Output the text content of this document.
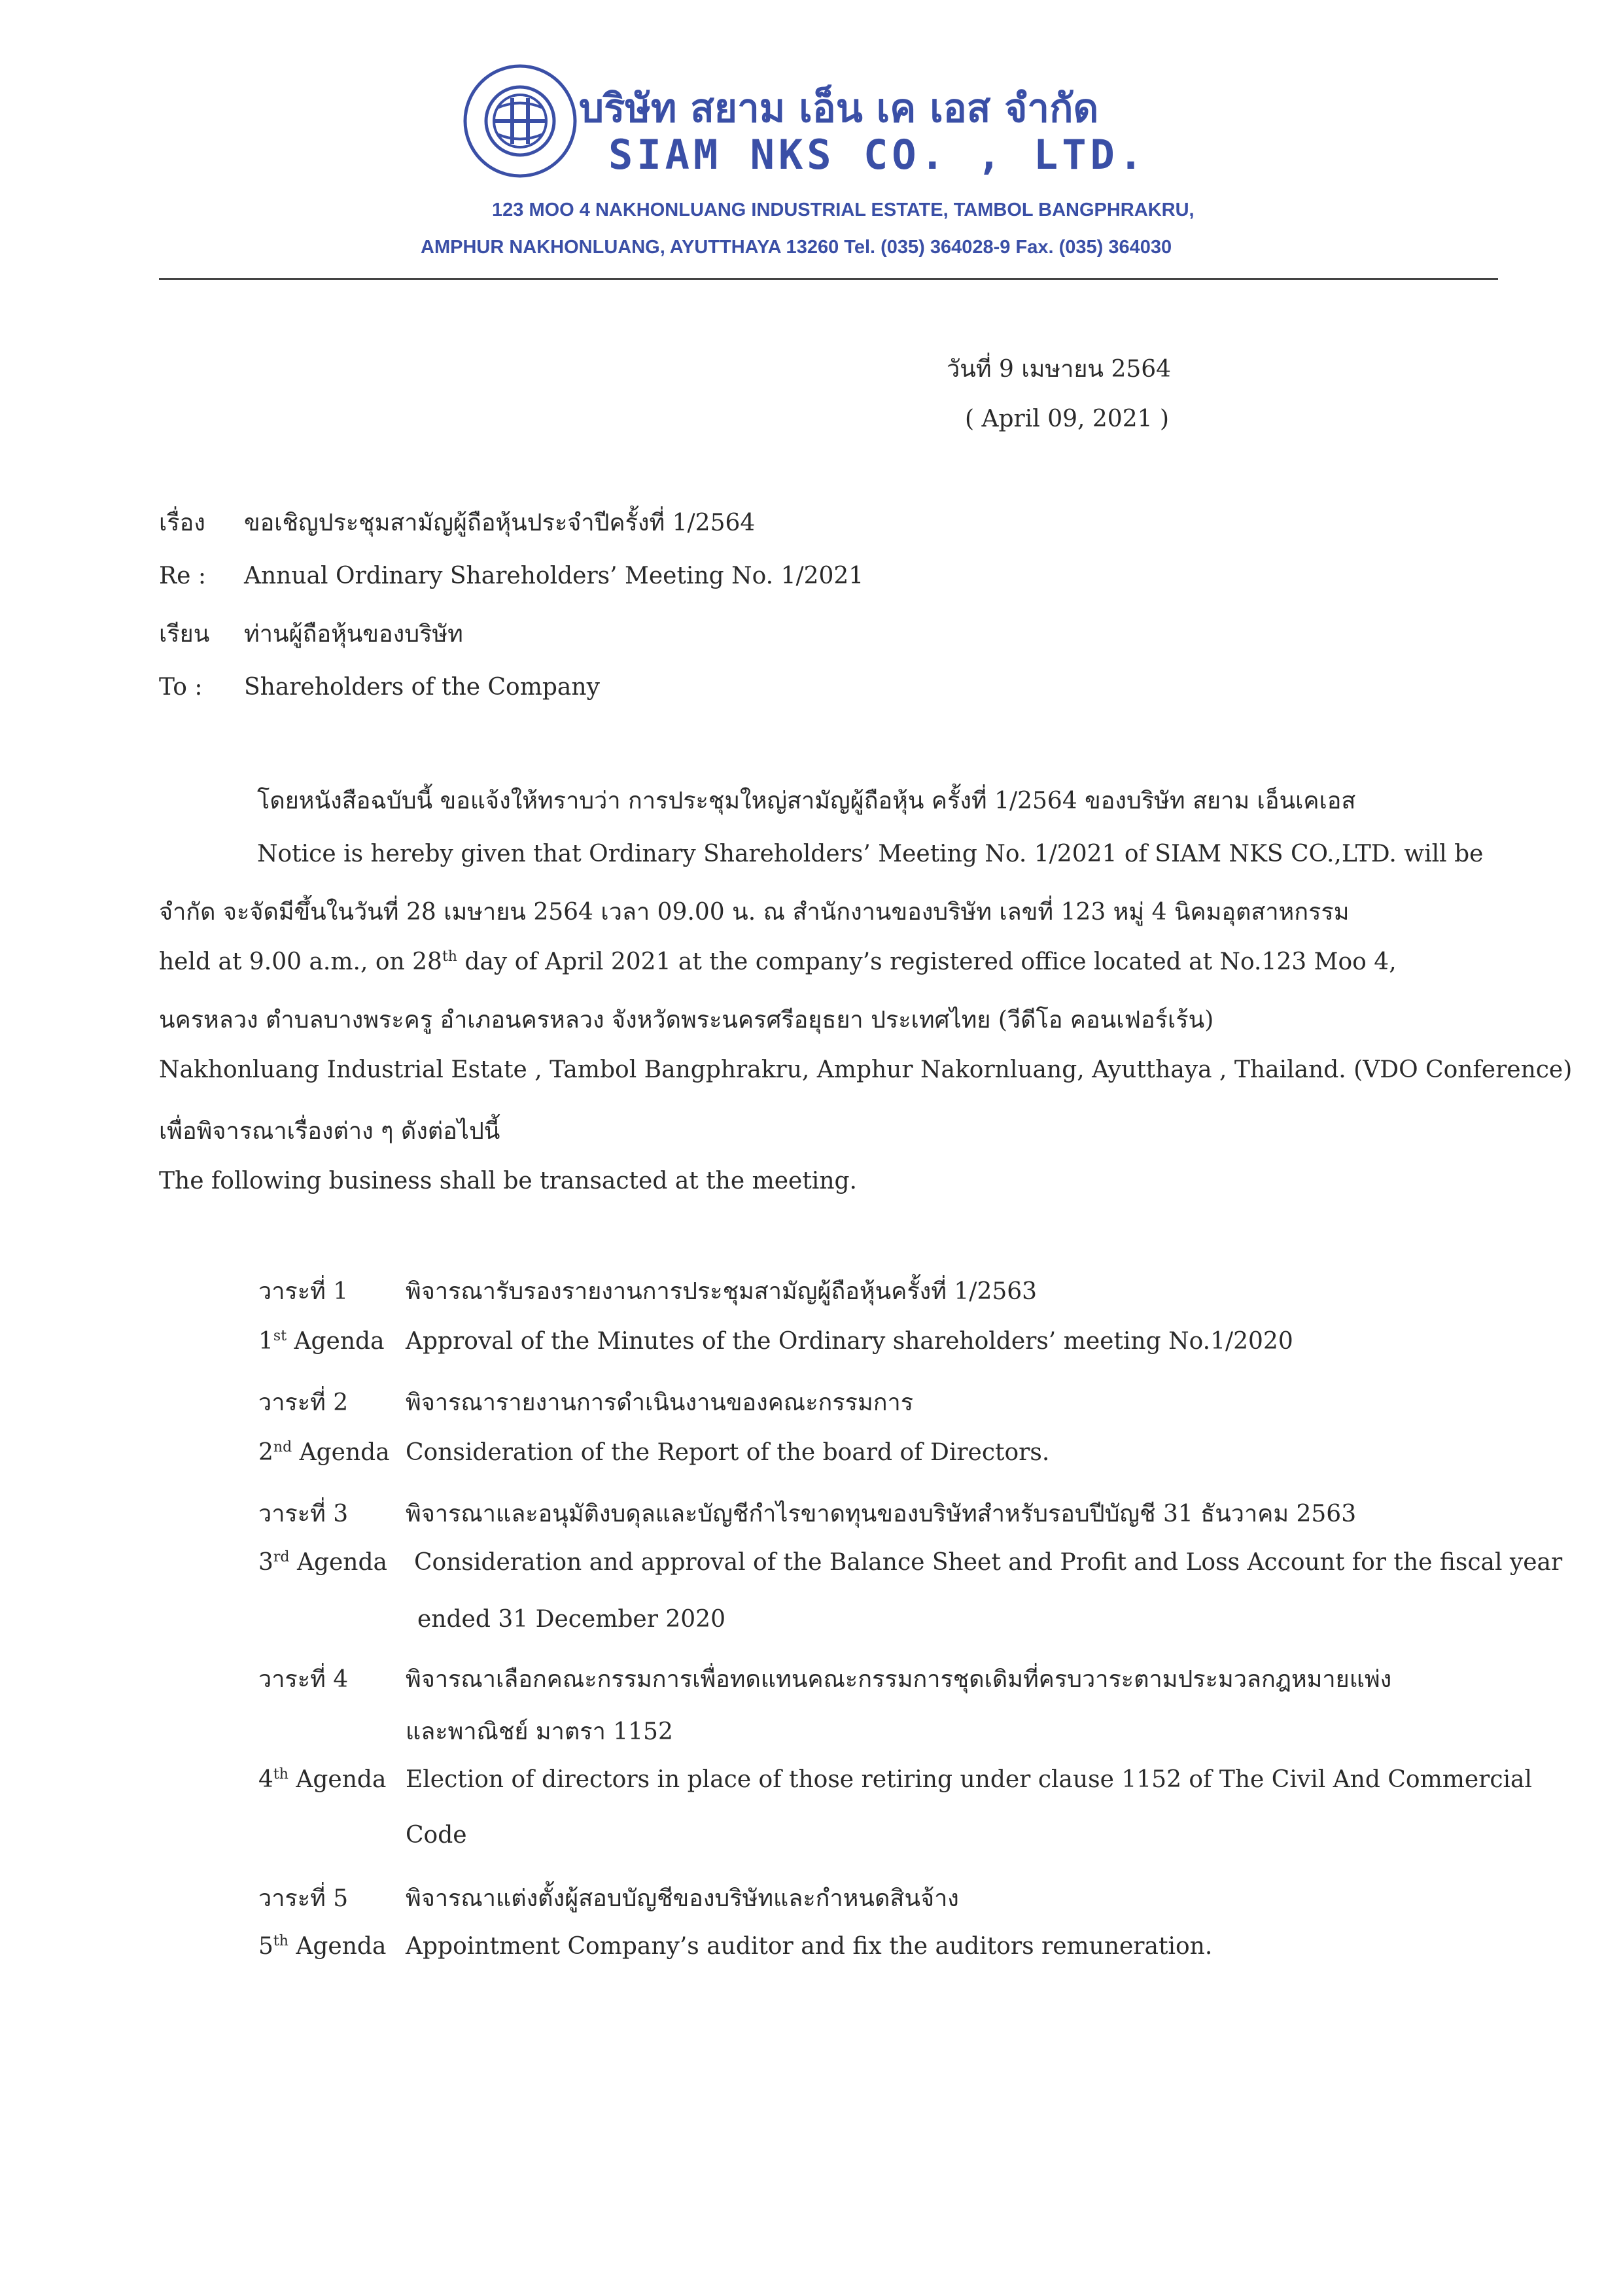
บริษัท สยาม เอ็น เค เอส จำกัด
SIAM NKS CO. , LTD.
123 MOO 4 NAKHONLUANG INDUSTRIAL ESTATE, TAMBOL BANGPHRAKRU,
AMPHUR NAKHONLUANG, AYUTTHAYA 13260 Tel. (035) 364028-9 Fax. (035) 364030
วันที่ 9 เมษายน 2564
( April 09, 2021 )
เรื่อง ขอเชิญประชุมสามัญผู้ถือหุ้นประจำปีครั้งที่ 1/2564
Re : Annual Ordinary Shareholders’ Meeting No. 1/2021
เรียน ท่านผู้ถือหุ้นของบริษัท
To : Shareholders of the Company
โดยหนังสือฉบับนี้ ขอแจ้งให้ทราบว่า การประชุมใหญ่สามัญผู้ถือหุ้น ครั้งที่ 1/2564 ของบริษัท สยาม เอ็นเคเอส
Notice is hereby given that Ordinary Shareholders’ Meeting No. 1/2021 of SIAM NKS CO.,LTD. will be
จำกัด จะจัดมีขึ้นในวันที่ 28 เมษายน 2564 เวลา 09.00 น. ณ สำนักงานของบริษัท เลขที่ 123 หมู่ 4 นิคมอุตสาหกรรม
held at 9.00 a.m., on 28th day of April 2021 at the company’s registered office located at No.123 Moo 4,
นครหลวง ตำบลบางพระครู อำเภอนครหลวง จังหวัดพระนครศรีอยุธยา ประเทศไทย (วีดีโอ คอนเฟอร์เร้น)
Nakhonluang Industrial Estate , Tambol Bangphrakru, Amphur Nakornluang, Ayutthaya , Thailand. (VDO Conference)
เพื่อพิจารณาเรื่องต่าง ๆ ดังต่อไปนี้
The following business shall be transacted at the meeting.
วาระที่ 1 พิจารณารับรองรายงานการประชุมสามัญผู้ถือหุ้นครั้งที่ 1/2563
1st Agenda Approval of the Minutes of the Ordinary shareholders’ meeting No.1/2020
วาระที่ 2 พิจารณารายงานการดำเนินงานของคณะกรรมการ
2nd Agenda Consideration of the Report of the board of Directors.
วาระที่ 3 พิจารณาและอนุมัติงบดุลและบัญชีกำไรขาดทุนของบริษัทสำหรับรอบปีบัญชี 31 ธันวาคม 2563
3rd Agenda Consideration and approval of the Balance Sheet and Profit and Loss Account for the fiscal year
ended 31 December 2020
วาระที่ 4 พิจารณาเลือกคณะกรรมการเพื่อทดแทนคณะกรรมการชุดเดิมที่ครบวาระตามประมวลกฎหมายแพ่ง
และพาณิชย์ มาตรา 1152
4th Agenda Election of directors in place of those retiring under clause 1152 of The Civil And Commercial
Code
วาระที่ 5 พิจารณาแต่งตั้งผู้สอบบัญชีของบริษัทและกำหนดสินจ้าง
5th Agenda Appointment Company’s auditor and fix the auditors remuneration.
